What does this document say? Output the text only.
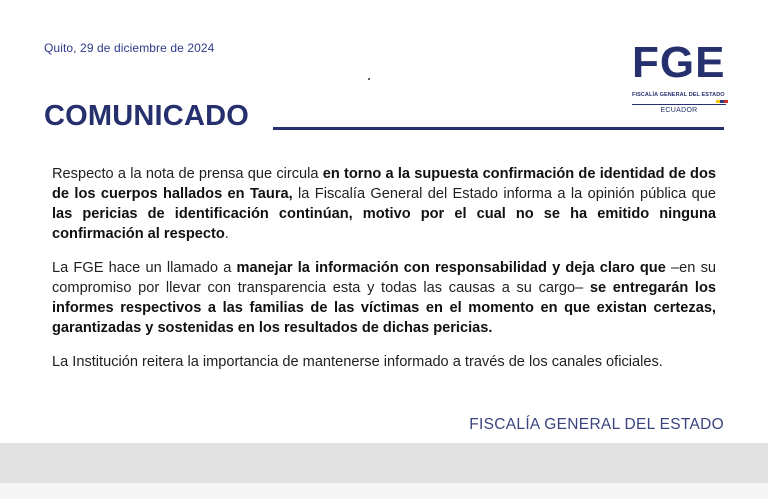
Quito, 29 de diciembre de 2024	FGE
FISCALÍA GENERAL DEL ESTADO
ECUADOR
COMUNICADO

Respecto a la nota de prensa que circula en torno a la supuesta confirmación de identidad de dos de los cuerpos hallados en Taura, la Fiscalía General del Estado informa a la opinión pública que las pericias de identificación continúan, motivo por el cual no se ha emitido ninguna confirmación al respecto.

La FGE hace un llamado a manejar la información con responsabilidad y deja claro que –en su compromiso por llevar con transparencia esta y todas las causas a su cargo– se entregarán los informes respectivos a las familias de las víctimas en el momento en que existan certezas, garantizadas y sostenidas en los resultados de dichas pericias.

La Institución reitera la importancia de mantenerse informado a través de los canales oficiales.

FISCALÍA GENERAL DEL ESTADO
